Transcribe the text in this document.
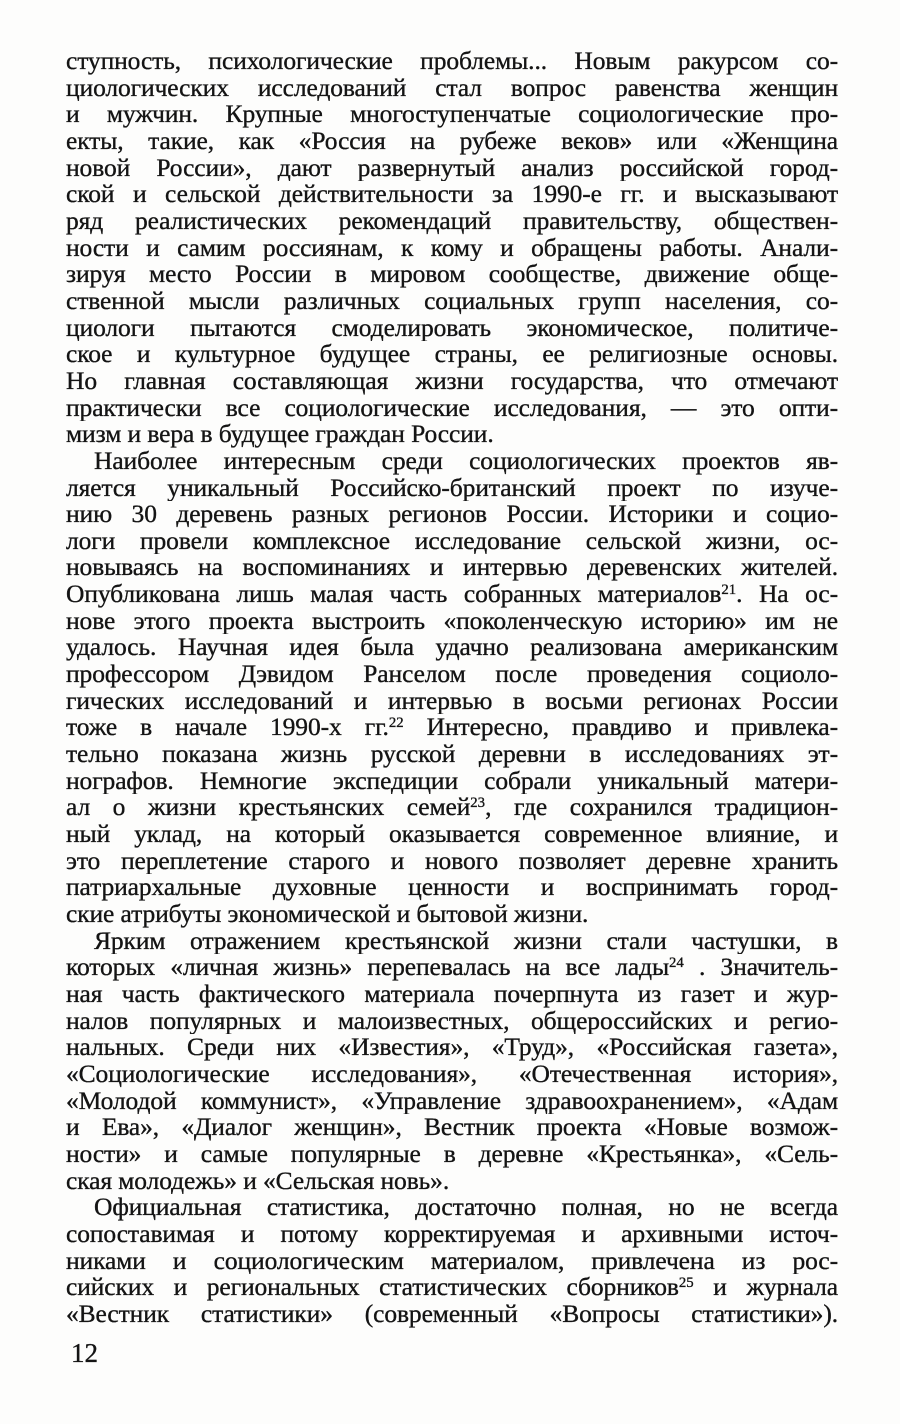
ступность, психологические проблемы... Новым ракурсом со-
циологических исследований стал вопрос равенства женщин
и мужчин. Крупные многоступенчатые социологические про-
екты, такие, как «Россия на рубеже веков» или «Женщина
новой России», дают развернутый анализ российской город-
ской и сельской действительности за 1990-е гг. и высказывают
ряд реалистических рекомендаций правительству, обществен-
ности и самим россиянам, к кому и обращены работы. Анали-
зируя место России в мировом сообществе, движение обще-
ственной мысли различных социальных групп населения, со-
циологи пытаются смоделировать экономическое, политиче-
ское и культурное будущее страны, ее религиозные основы.
Но главная составляющая жизни государства, что отмечают
практически все социологические исследования, — это опти-
мизм и вера в будущее граждан России.
Наиболее интересным среди социологических проектов яв-
ляется уникальный Российско-британский проект по изуче-
нию 30 деревень разных регионов России. Историки и социо-
логи провели комплексное исследование сельской жизни, ос-
новываясь на воспоминаниях и интервью деревенских жителей.
Опубликована лишь малая часть собранных материалов$^{21}$. На ос-
нове этого проекта выстроить «поколенческую историю» им не
удалось. Научная идея была удачно реализована американским
профессором Дэвидом Ранселом после проведения социоло-
гических исследований и интервью в восьми регионах России
тоже в начале 1990-х гг.$^{22}$ Интересно, правдиво и привлека-
тельно показана жизнь русской деревни в исследованиях эт-
нографов. Немногие экспедиции собрали уникальный матери-
ал о жизни крестьянских семей$^{23}$, где сохранился традицион-
ный уклад, на который оказывается современное влияние, и
это переплетение старого и нового позволяет деревне хранить
патриархальные духовные ценности и воспринимать город-
ские атрибуты экономической и бытовой жизни.
Ярким отражением крестьянской жизни стали частушки, в
которых «личная жизнь» перепевалась на все лады$^{24}$ . Значитель-
ная часть фактического материала почерпнута из газет и жур-
налов популярных и малоизвестных, общероссийских и регио-
нальных. Среди них «Известия», «Труд», «Российская газета»,
«Социологические исследования», «Отечественная история»,
«Молодой коммунист», «Управление здравоохранением», «Адам
и Ева», «Диалог женщин», Вестник проекта «Новые возмож-
ности» и самые популярные в деревне «Крестьянка», «Сель-
ская молодежь» и «Сельская новь».
Официальная статистика, достаточно полная, но не всегда
сопоставимая и потому корректируемая и архивными источ-
никами и социологическим материалом, привлечена из рос-
сийских и региональных статистических сборников$^{25}$ и журнала
«Вестник статистики» (современный «Вопросы статистики»).
12
